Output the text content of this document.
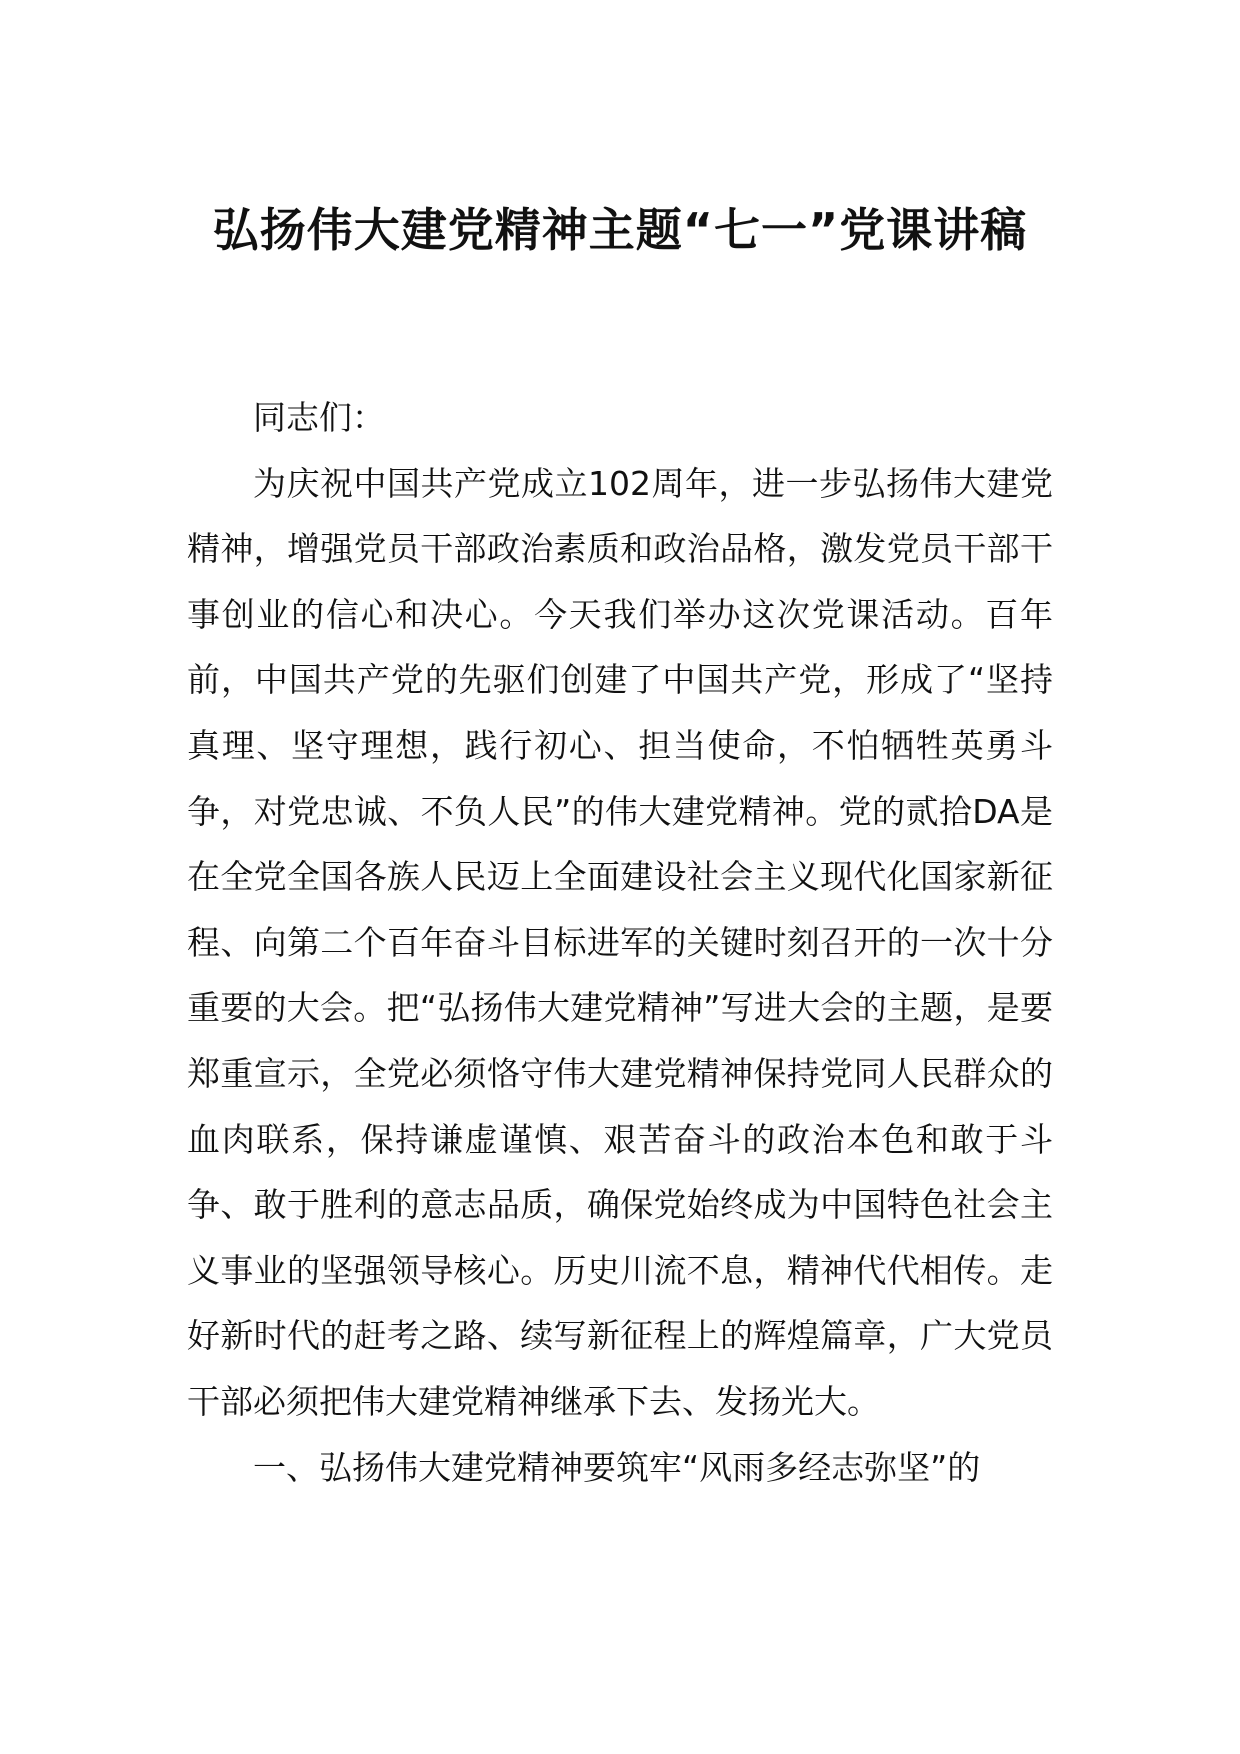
弘扬伟大建党精神主题“七一”党课讲稿

同志们：

为庆祝中国共产党成立102周年，进一步弘扬伟大建党精神，增强党员干部政治素质和政治品格，激发党员干部干事创业的信心和决心。今天我们举办这次党课活动。百年前，中国共产党的先驱们创建了中国共产党，形成了“坚持真理、坚守理想，践行初心、担当使命，不怕牺牲英勇斗争，对党忠诚、不负人民”的伟大建党精神。党的贰拾DA是在全党全国各族人民迈上全面建设社会主义现代化国家新征程、向第二个百年奋斗目标进军的关键时刻召开的一次十分重要的大会。把“弘扬伟大建党精神”写进大会的主题，是要郑重宣示，全党必须恪守伟大建党精神保持党同人民群众的血肉联系，保持谦虚谨慎、艰苦奋斗的政治本色和敢于斗争、敢于胜利的意志品质，确保党始终成为中国特色社会主义事业的坚强领导核心。历史川流不息，精神代代相传。走好新时代的赶考之路、续写新征程上的辉煌篇章，广大党员干部必须把伟大建党精神继承下去、发扬光大。

一、弘扬伟大建党精神要筑牢“风雨多经志弥坚”的
